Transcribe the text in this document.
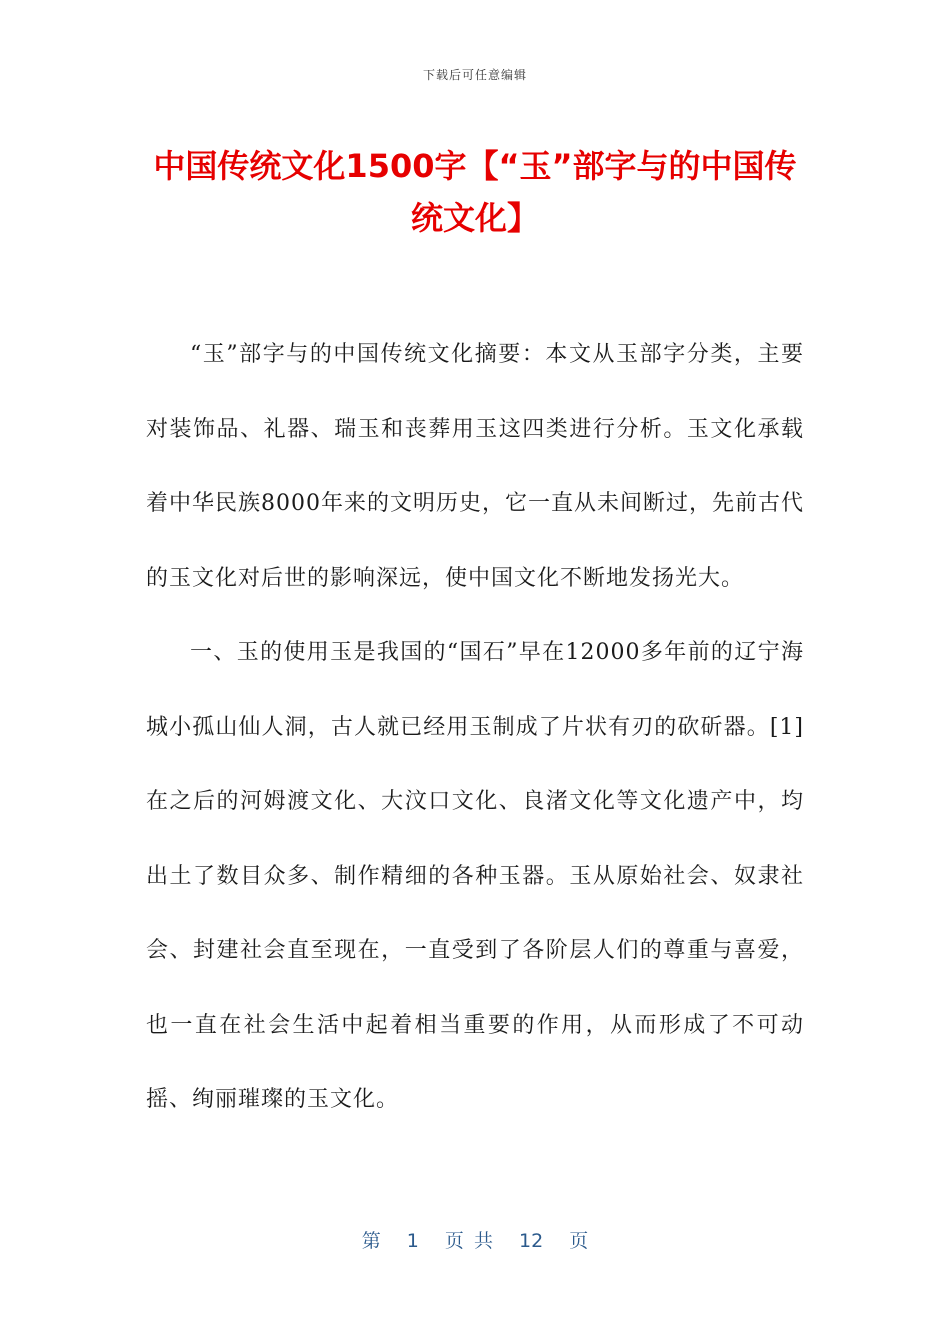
下载后可任意编辑
中国传统文化1500字【“玉”部字与的中国传统文化】

“玉”部字与的中国传统文化摘要：本文从玉部字分类，主要对装饰品、礼器、瑞玉和丧葬用玉这四类进行分析。玉文化承载着中华民族8000年来的文明历史，它一直从未间断过，先前古代的玉文化对后世的影响深远，使中国文化不断地发扬光大。

一、玉的使用玉是我国的“国石”早在12000多年前的辽宁海城小孤山仙人洞，古人就已经用玉制成了片状有刃的砍斫器。[1]在之后的河姆渡文化、大汶口文化、良渚文化等文化遗产中，均出土了数目众多、制作精细的各种玉器。玉从原始社会、奴隶社会、封建社会直至现在，一直受到了各阶层人们的尊重与喜爱，也一直在社会生活中起着相当重要的作用，从而形成了不可动摇、绚丽璀璨的玉文化。

第 1 页 共 12 页
